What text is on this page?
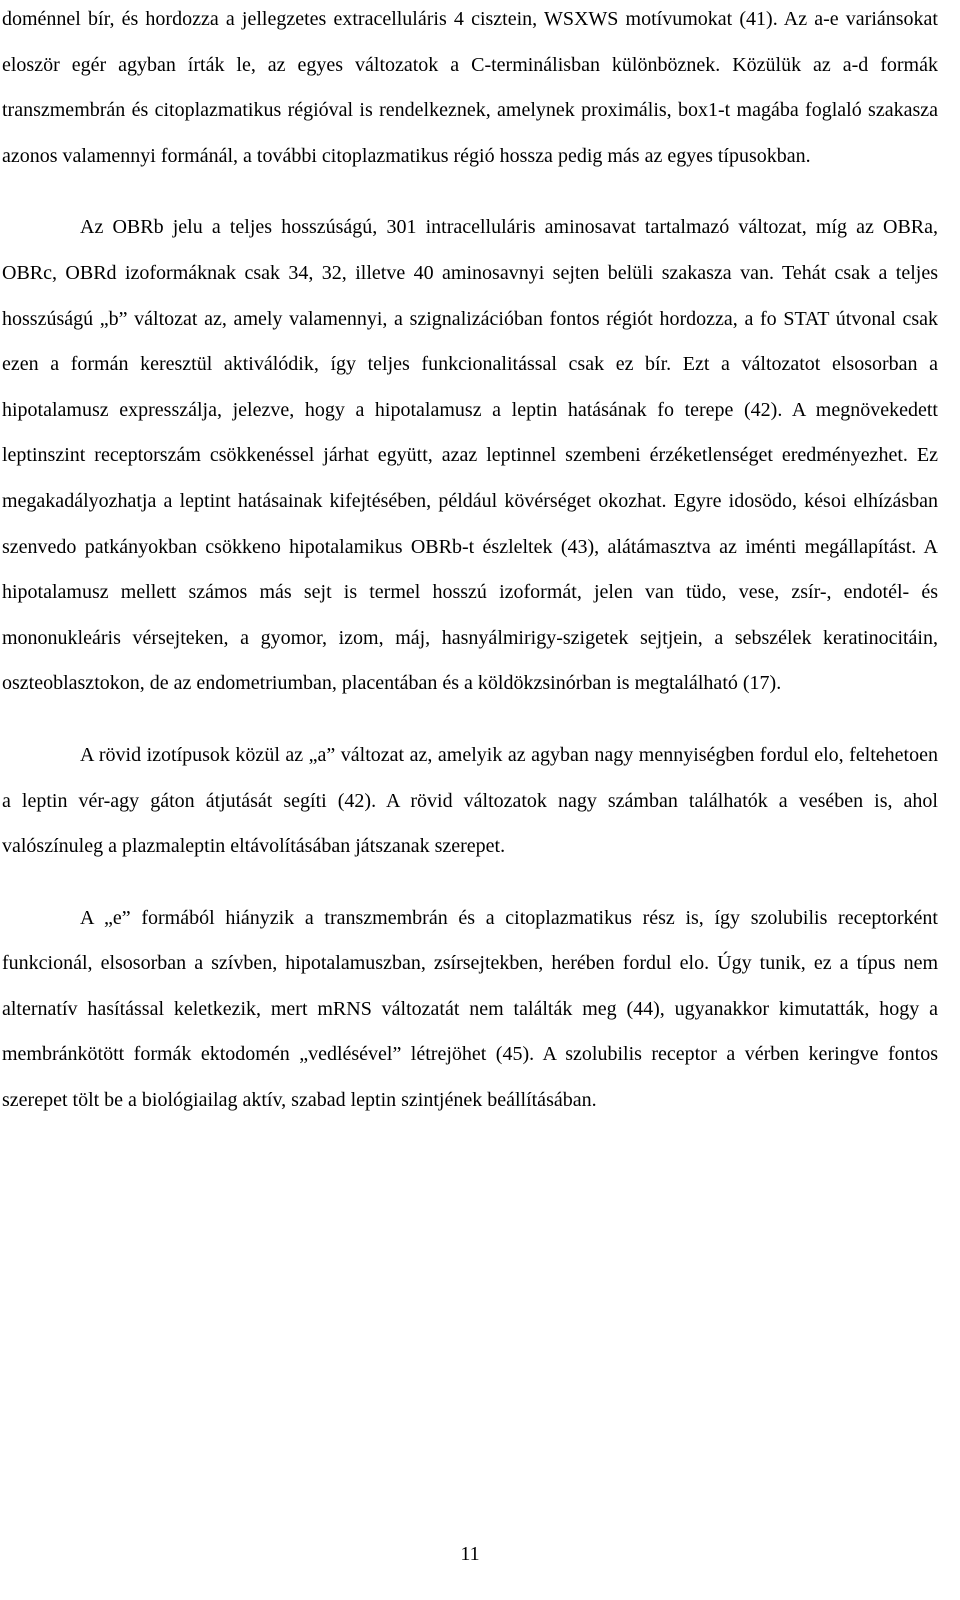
doménnel bír, és hordozza a jellegzetes extracelluláris 4 cisztein, WSXWS motívumokat (41). Az a-e variánsokat eloször egér agyban írták le, az egyes változatok a C-terminálisban különböznek. Közülük az a-d formák transzmembrán és citoplazmatikus régióval is rendelkeznek, amelynek proximális, box1-t magába foglaló szakasza azonos valamennyi formánál, a további citoplazmatikus régió hossza pedig más az egyes típusokban.

Az OBRb jelu a teljes hosszúságú, 301 intracelluláris aminosavat tartalmazó változat, míg az OBRa, OBRc, OBRd izoformáknak csak 34, 32, illetve 40 aminosavnyi sejten belüli szakasza van. Tehát csak a teljes hosszúságú „b” változat az, amely valamennyi, a szignalizációban fontos régiót hordozza, a fo STAT útvonal csak ezen a formán keresztül aktiválódik, így teljes funkcionalitással csak ez bír. Ezt a változatot elsosorban a hipotalamusz expresszálja, jelezve, hogy a hipotalamusz a leptin hatásának fo terepe (42). A megnövekedett leptinszint receptorszám csökkenéssel járhat együtt, azaz leptinnel szembeni érzéketlenséget eredményezhet. Ez megakadályozhatja a leptint hatásainak kifejtésében, például kövérséget okozhat. Egyre idosödo, késoi elhízásban szenvedo patkányokban csökkeno hipotalamikus OBRb-t észleltek (43), alátámasztva az iménti megállapítást. A hipotalamusz mellett számos más sejt is termel hosszú izoformát, jelen van tüdo, vese, zsír-, endotél- és mononukleáris vérsejteken, a gyomor, izom, máj, hasnyálmirigy-szigetek sejtjein, a sebszélek keratinocitáin, oszteoblasztokon, de az endometriumban, placentában és a köldökzsinórban is megtalálható (17).

A rövid izotípusok közül az „a” változat az, amelyik az agyban nagy mennyiségben fordul elo, feltehetoen a leptin vér-agy gáton átjutását segíti (42). A rövid változatok nagy számban találhatók a vesében is, ahol valószínuleg a plazmaleptin eltávolításában játszanak szerepet.

A „e” formából hiányzik a transzmembrán és a citoplazmatikus rész is, így szolubilis receptorként funkcionál, elsosorban a szívben, hipotalamuszban, zsírsejtekben, herében fordul elo. Úgy tunik, ez a típus nem alternatív hasítással keletkezik, mert mRNS változatát nem találták meg (44), ugyanakkor kimutatták, hogy a membránkötött formák ektodomén „vedlésével” létrejöhet (45). A szolubilis receptor a vérben keringve fontos szerepet tölt be a biológiailag aktív, szabad leptin szintjének beállításában.

11
